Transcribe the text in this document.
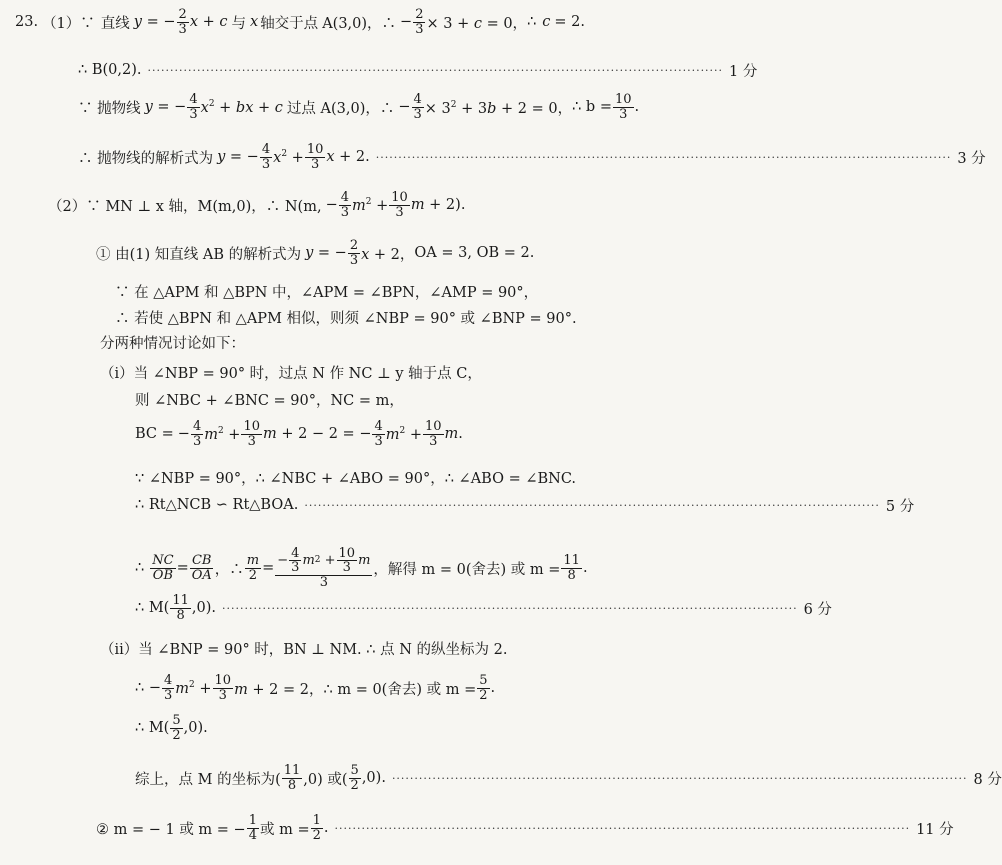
23. （1）∵ 直线 y = − $\frac{2}{3}$ x + c 与 x 轴交于点 A(3,0)，∴ − $\frac{2}{3} \times 3 + c = 0$， ∴ c = 2.
∴ B(0,2). ································································································································ 1 分
∵ 抛物线 y = − $\frac{4}{3} x^2$ + bx + c 过点 A(3,0)，∴ − $\frac{4}{3} \times 3^2 + 3b + 2 = 0$， ∴ $b = \frac{10}{3}$ .
∴ 抛物线的解析式为 y = − $\frac{4}{3} x^2 + \frac{10}{3}$ x + 2. ································································································································ 3 分
（2）∵ MN ⊥ x 轴，M(m,0)，∴ N(m, − $\frac{4}{3} m^2 + \frac{10}{3}$ m + 2).
① 由(1) 知直线 AB 的解析式为 y = − $\frac{2}{3}$ x + 2， OA = 3, OB = 2.
∵ 在 △APM 和 △BPN 中，∠APM = ∠BPN，∠AMP = 90°，
∴ 若使 △BPN 和 △APM 相似，则须 ∠NBP = 90° 或 ∠BNP = 90°.
分两种情况讨论如下：
（ⅰ）当 ∠NBP = 90° 时，过点 N 作 NC ⊥ y 轴于点 C，
则 ∠NBC + ∠BNC = 90°，NC = m，
BC = − $\frac{4}{3} m^2 + \frac{10}{3}$ m + 2 − 2 = − $\frac{4}{3} m^2 + \frac{10}{3} m$.
∵ ∠NBP = 90°，∴ ∠NBC + ∠ABO = 90°，∴ ∠ABO = ∠BNC.
∴ Rt△NCB ∽ Rt△BOA. ································································································································ 5 分
∴ $\frac{NC}{OB} = \frac{CB}{OA}$ ，∴ $\frac{m}{2}$ = − 4
3 m 2 + 10
3 m
3 ， 解得 m = 0(舍去) 或 $m = \frac{11}{8}$ .
∴ M( 11
8 ,0). ································································································································ 6 分
（ⅱ）当 ∠BNP = 90° 时，BN ⊥ NM. ∴ 点 N 的纵坐标为 2.
∴ − $\frac{4}{3} m^2 + \frac{10}{3}$ m + 2 = 2， ∴ m = 0(舍去) 或 $m = \frac{5}{2}$ .
∴ M( 5
2 ,0).
综上，点 M 的坐标为(
11
8 ,0) 或(
5
2 ,0). ································································································································ 8 分
② m = − 1 或 m = − $\frac{1}{4}$ 或 $m = \frac{1}{2}$ . ································································································································ 11 分
